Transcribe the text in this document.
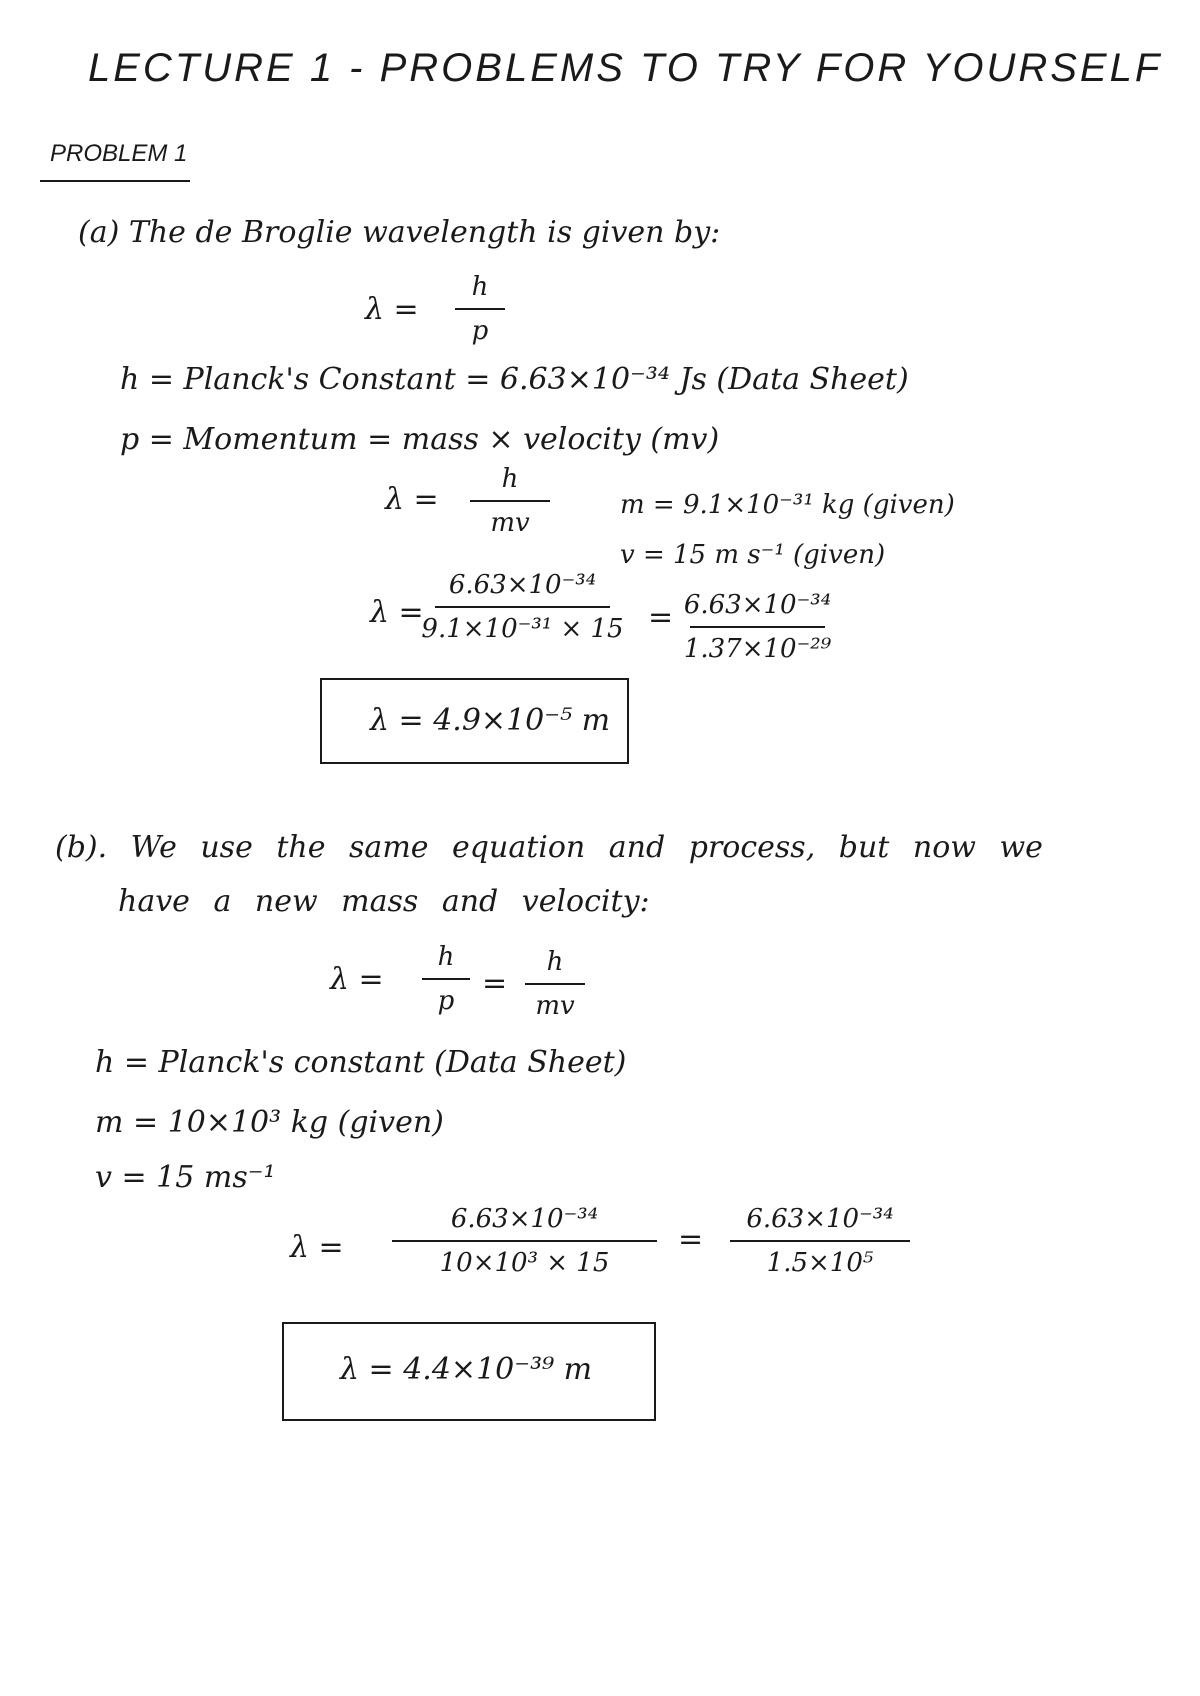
LECTURE 1 - PROBLEMS TO TRY FOR YOURSELF
PROBLEM 1
(a) The de Broglie wavelength is given by:
λ =
h
p
h = Planck's Constant = 6.63×10⁻³⁴ Js (Data Sheet)
p = Momentum = mass × velocity (mv)
λ =
h
mv
m = 9.1×10⁻³¹ kg (given)
v = 15 m s⁻¹ (given)
λ =
6.63×10⁻³⁴
9.1×10⁻³¹ × 15 = 6.63×10⁻³⁴
1.37×10⁻²⁹
λ = 4.9×10⁻⁵ m
(b). We use the same equation and process, but now we
have a new mass and velocity:
λ =
h
p =
h
mv
h = Planck's constant (Data Sheet)
m = 10×10³ kg (given)
v = 15 ms⁻¹
λ =
6.63×10⁻³⁴
10×10³ × 15
=
6.63×10⁻³⁴
1.5×10⁵
λ = 4.4×10⁻³⁹ m
